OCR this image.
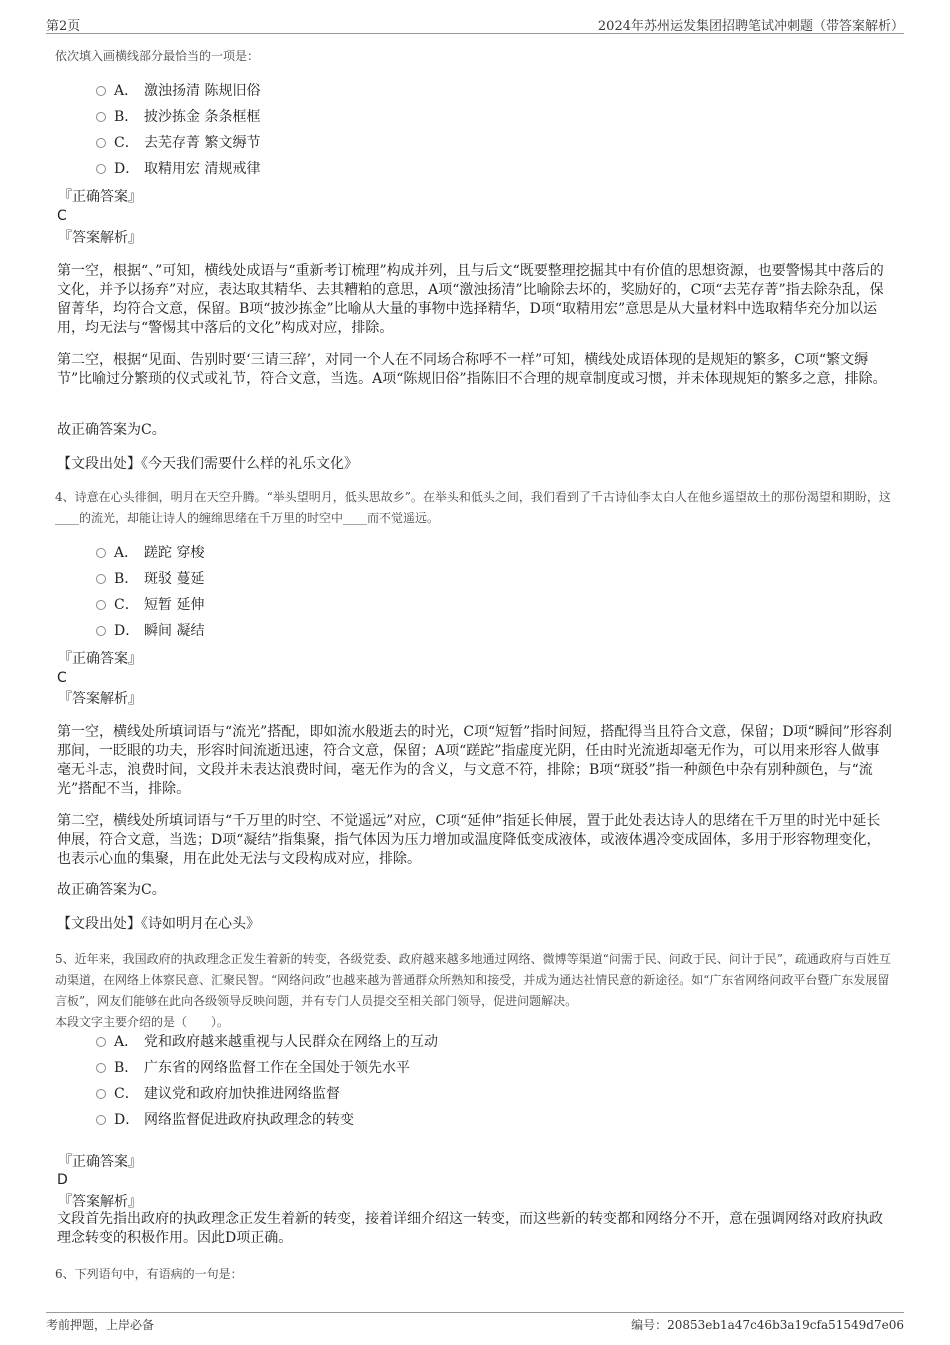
第2页	2024年苏州运发集团招聘笔试冲刺题（带答案解析）
依次填入画横线部分最恰当的一项是：
A． 激浊扬清 陈规旧俗
B． 披沙拣金 条条框框
C． 去芜存菁 繁文缛节
D． 取精用宏 清规戒律
『正确答案』
C
『答案解析』
第一空，根据“、”可知，横线处成语与“重新考订梳理”构成并列，且与后文“既要整理挖掘其中有价值的思想资源，也要警惕其中落后的文化，并予以扬弃”对应，表达取其精华、去其糟粕的意思，A项“激浊扬清”比喻除去坏的，奖励好的，C项“去芜存菁”指去除杂乱，保留菁华，均符合文意，保留。B项“披沙拣金”比喻从大量的事物中选择精华，D项“取精用宏”意思是从大量材料中选取精华充分加以运用，均无法与“警惕其中落后的文化”构成对应，排除。
第二空，根据“见面、告别时要‘三请三辞’，对同一个人在不同场合称呼不一样”可知，横线处成语体现的是规矩的繁多，C项“繁文缛节”比喻过分繁琐的仪式或礼节，符合文意，当选。A项“陈规旧俗”指陈旧不合理的规章制度或习惯，并未体现规矩的繁多之意，排除。
故正确答案为C。
【文段出处】《今天我们需要什么样的礼乐文化》
4、诗意在心头徘徊，明月在天空升腾。“举头望明月，低头思故乡”。在举头和低头之间，我们看到了千古诗仙李太白人在他乡遥望故土的那份渴望和期盼，这____的流光，却能让诗人的缠绵思绪在千万里的时空中____而不觉遥远。
A． 蹉跎 穿梭
B． 斑驳 蔓延
C． 短暂 延伸
D． 瞬间 凝结
『正确答案』
C
『答案解析』
第一空，横线处所填词语与“流光”搭配，即如流水般逝去的时光，C项“短暂”指时间短，搭配得当且符合文意，保留；D项“瞬间”形容刹那间，一眨眼的功夫，形容时间流逝迅速，符合文意，保留；A项“蹉跎”指虚度光阴，任由时光流逝却毫无作为，可以用来形容人做事毫无斗志，浪费时间，文段并未表达浪费时间，毫无作为的含义，与文意不符，排除；B项“斑驳”指一种颜色中杂有别种颜色，与“流光”搭配不当，排除。
第二空，横线处所填词语与“千万里的时空、不觉遥远”对应，C项“延伸”指延长伸展，置于此处表达诗人的思绪在千万里的时光中延长伸展，符合文意，当选；D项“凝结”指集聚，指气体因为压力增加或温度降低变成液体，或液体遇冷变成固体，多用于形容物理变化，也表示心血的集聚，用在此处无法与文段构成对应，排除。
故正确答案为C。
【文段出处】《诗如明月在心头》
5、近年来，我国政府的执政理念正发生着新的转变，各级党委、政府越来越多地通过网络、微博等渠道“问需于民、问政于民、问计于民”，疏通政府与百姓互动渠道，在网络上体察民意、汇聚民智。“网络问政”也越来越为普通群众所熟知和接受，并成为通达社情民意的新途径。如“广东省网络问政平台暨广东发展留言板”，网友们能够在此向各级领导反映问题，并有专门人员提交至相关部门领导，促进问题解决。
本段文字主要介绍的是（　　）。
A． 党和政府越来越重视与人民群众在网络上的互动
B． 广东省的网络监督工作在全国处于领先水平
C． 建议党和政府加快推进网络监督
D． 网络监督促进政府执政理念的转变
『正确答案』
D
『答案解析』
文段首先指出政府的执政理念正发生着新的转变，接着详细介绍这一转变，而这些新的转变都和网络分不开，意在强调网络对政府执政理念转变的积极作用。因此D项正确。
6、下列语句中，有语病的一句是：
考前押题，上岸必备	编号：20853eb1a47c46b3a19cfa51549d7e06
